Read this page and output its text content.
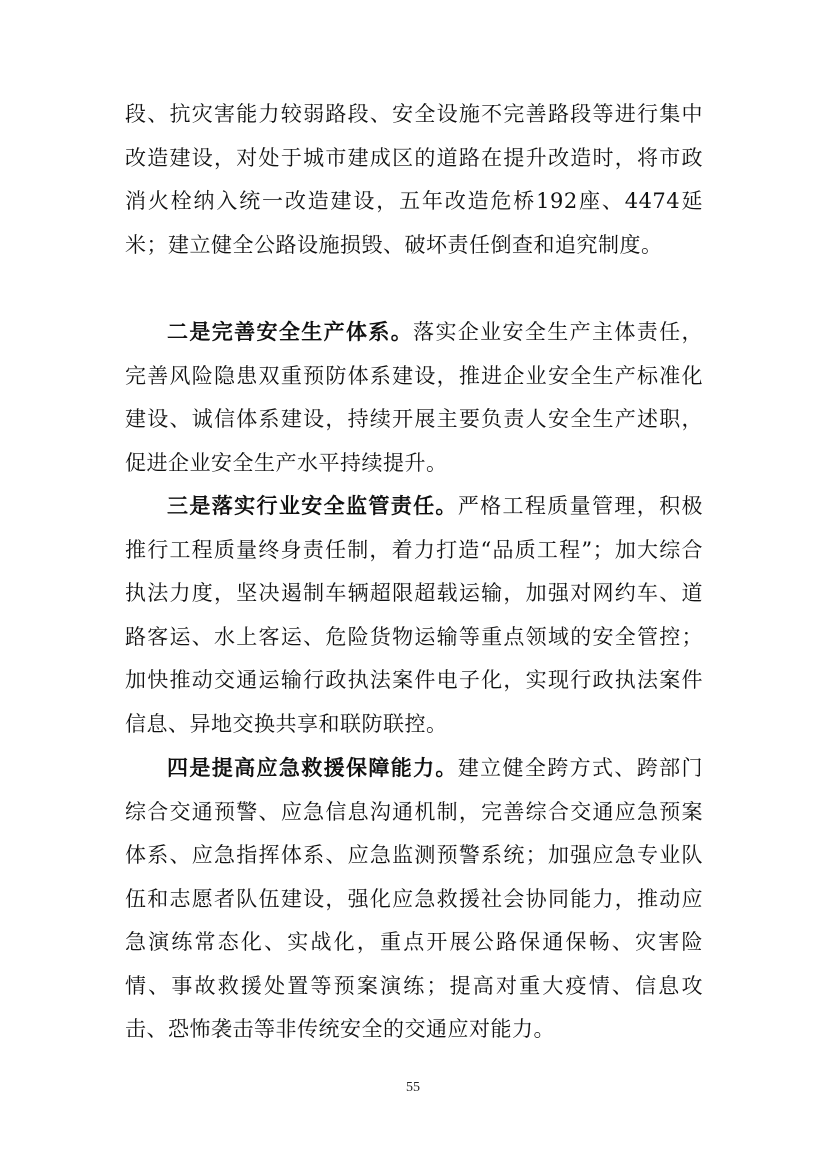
段、抗灾害能力较弱路段、安全设施不完善路段等进行集中改造建设，对处于城市建成区的道路在提升改造时，将市政消火栓纳入统一改造建设，五年改造危桥192座、4474延米；建立健全公路设施损毁、破坏责任倒查和追究制度。

二是完善安全生产体系。落实企业安全生产主体责任，完善风险隐患双重预防体系建设，推进企业安全生产标准化建设、诚信体系建设，持续开展主要负责人安全生产述职，促进企业安全生产水平持续提升。

三是落实行业安全监管责任。严格工程质量管理，积极推行工程质量终身责任制，着力打造“品质工程”；加大综合执法力度，坚决遏制车辆超限超载运输，加强对网约车、道路客运、水上客运、危险货物运输等重点领域的安全管控；加快推动交通运输行政执法案件电子化，实现行政执法案件信息、异地交换共享和联防联控。

四是提高应急救援保障能力。建立健全跨方式、跨部门综合交通预警、应急信息沟通机制，完善综合交通应急预案体系、应急指挥体系、应急监测预警系统；加强应急专业队伍和志愿者队伍建设，强化应急救援社会协同能力，推动应急演练常态化、实战化，重点开展公路保通保畅、灾害险情、事故救援处置等预案演练；提高对重大疫情、信息攻击、恐怖袭击等非传统安全的交通应对能力。

55
